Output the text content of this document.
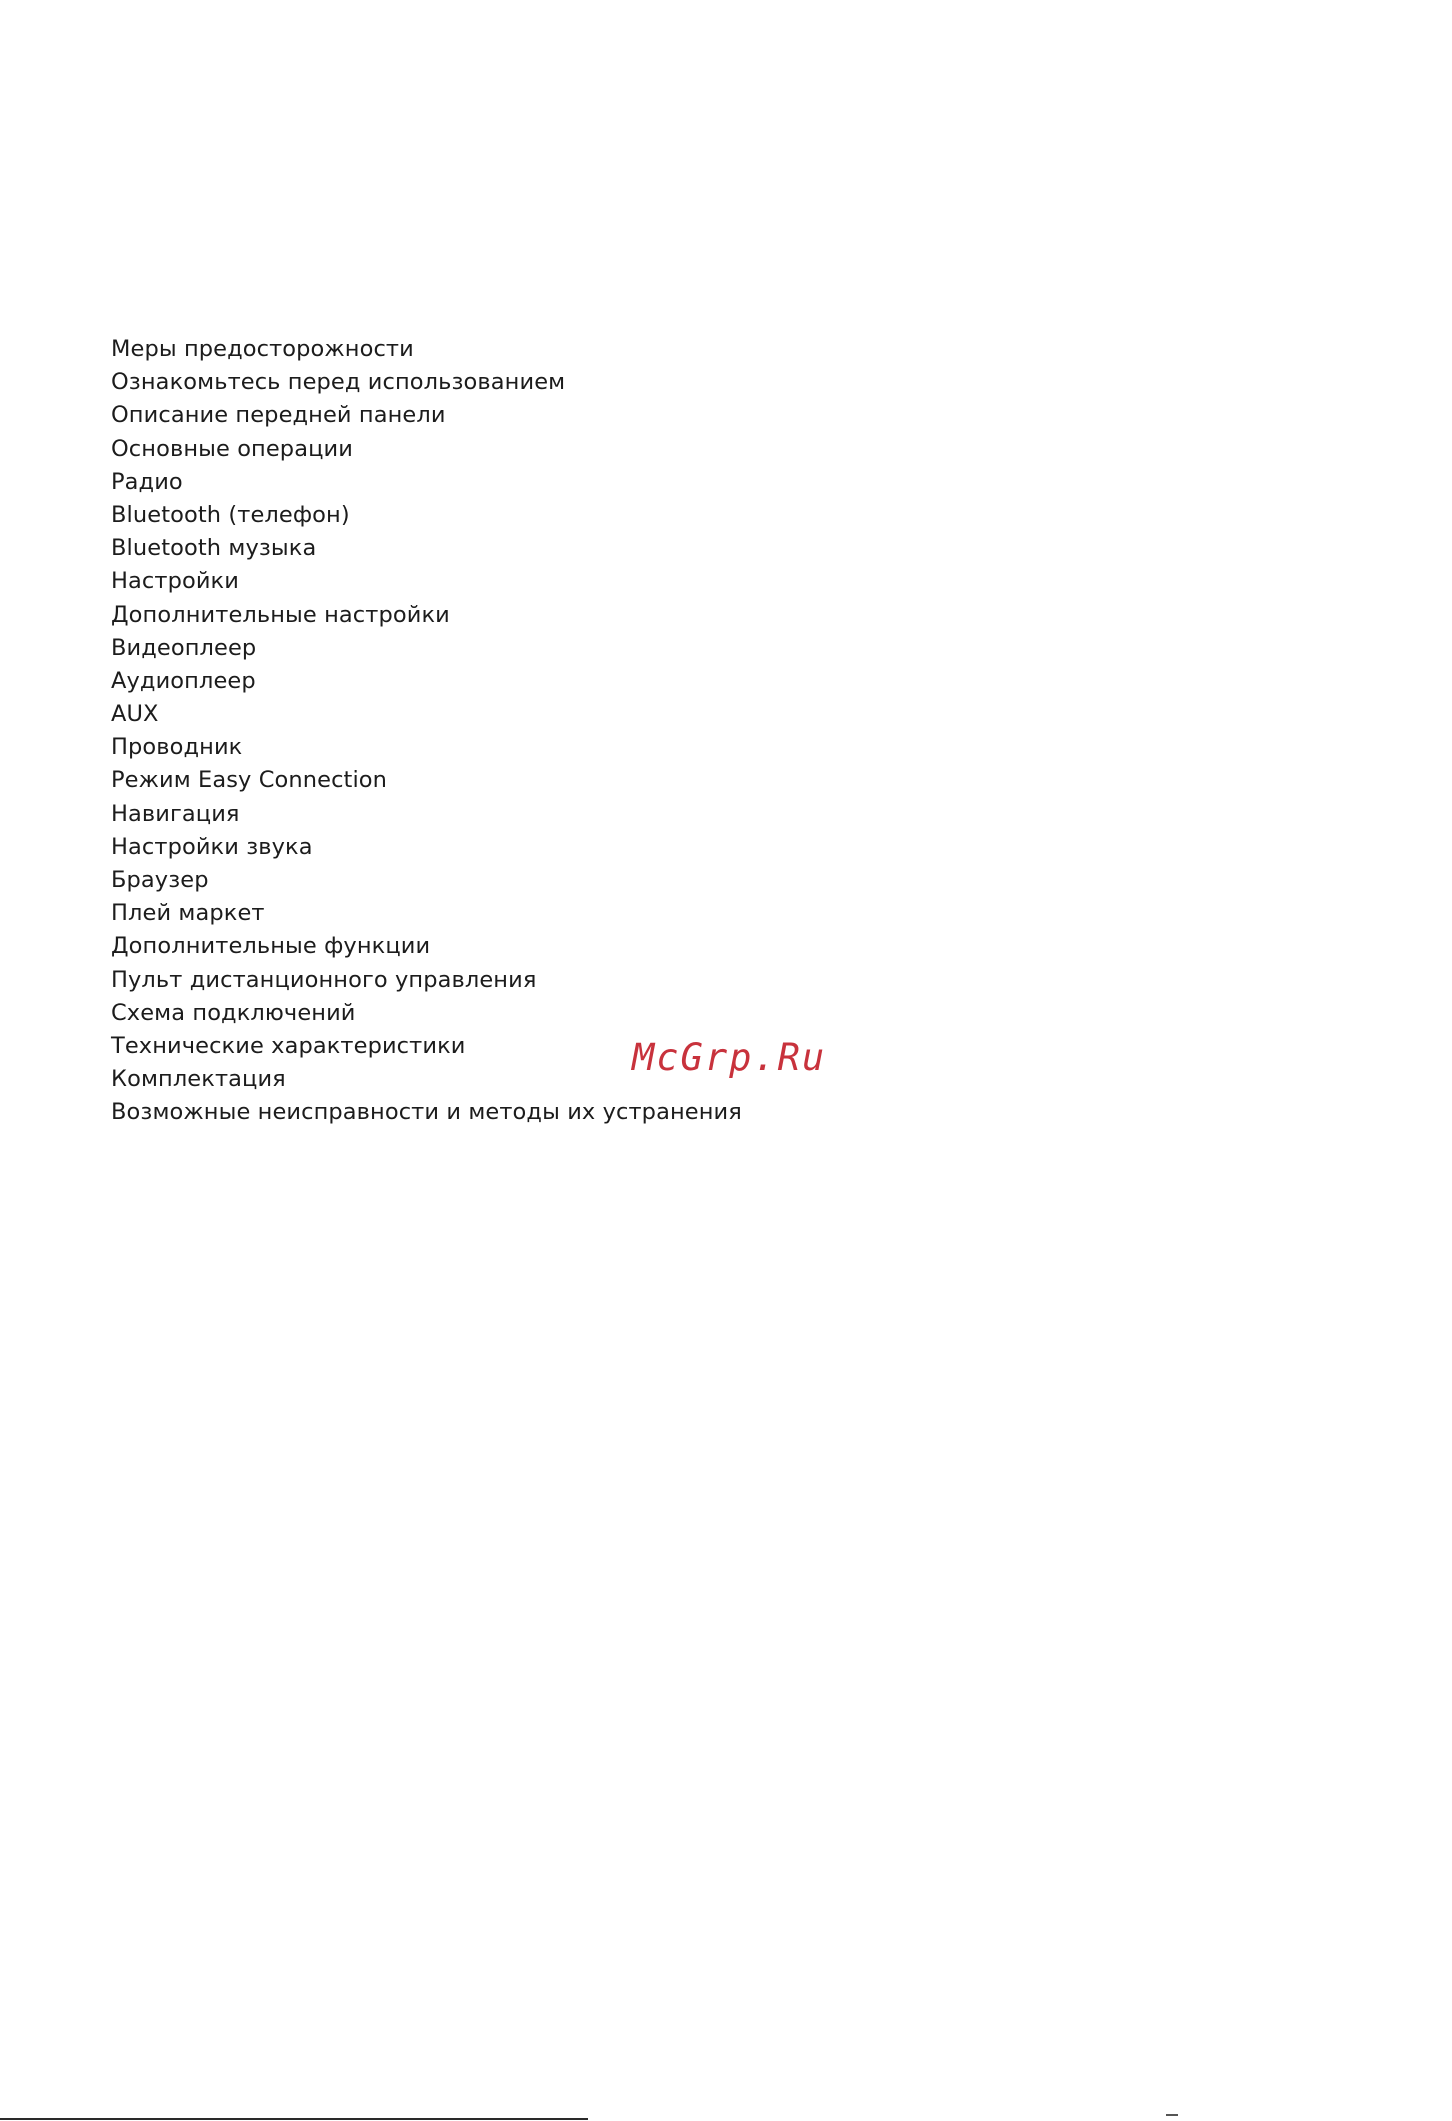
Меры предосторожности
Ознакомьтесь перед использованием
Описание передней панели
Основные операции
Радио
Bluetooth (телефон)
Bluetooth музыка
Настройки
Дополнительные настройки
Видеоплеер
Аудиоплеер
AUX
Проводник
Режим Easy Connection
Навигация
Настройки звука
Браузер
Плей маркет
Дополнительные функции
Пульт дистанционного управления
Схема подключений
Технические характеристики
Комплектация
Возможные неисправности и методы их устранения
McGrp.Ru
